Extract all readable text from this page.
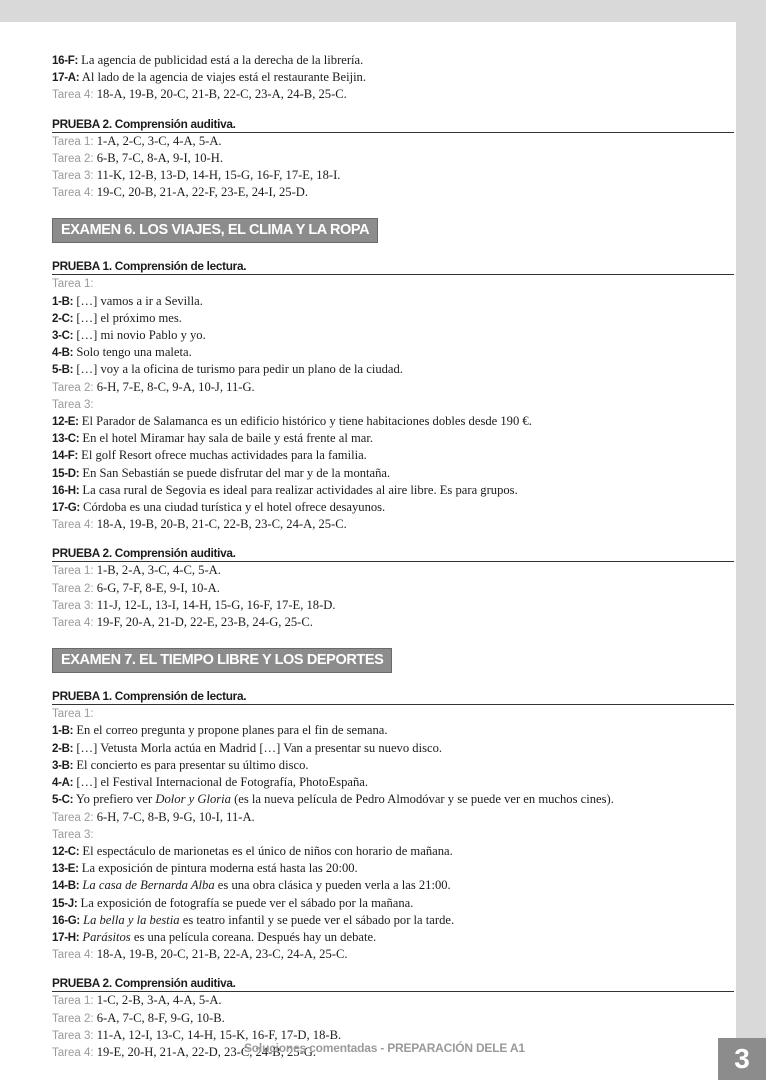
16-F: La agencia de publicidad está a la derecha de la librería.
17-A: Al lado de la agencia de viajes está el restaurante Beijin.
Tarea 4: 18-A, 19-B, 20-C, 21-B, 22-C, 23-A, 24-B, 25-C.
PRUEBA 2. Comprensión auditiva.
Tarea 1: 1-A, 2-C, 3-C, 4-A, 5-A.
Tarea 2: 6-B, 7-C, 8-A, 9-I, 10-H.
Tarea 3: 11-K, 12-B, 13-D, 14-H, 15-G, 16-F, 17-E, 18-I.
Tarea 4: 19-C, 20-B, 21-A, 22-F, 23-E, 24-I, 25-D.
EXAMEN 6. LOS VIAJES, EL CLIMA Y LA ROPA
PRUEBA 1. Comprensión de lectura.
Tarea 1:
1-B: […] vamos a ir a Sevilla.
2-C: […] el próximo mes.
3-C: […] mi novio Pablo y yo.
4-B: Solo tengo una maleta.
5-B: […] voy a la oficina de turismo para pedir un plano de la ciudad.
Tarea 2: 6-H, 7-E, 8-C, 9-A, 10-J, 11-G.
Tarea 3:
12-E: El Parador de Salamanca es un edificio histórico y tiene habitaciones dobles desde 190 €.
13-C: En el hotel Miramar hay sala de baile y está frente al mar.
14-F: El golf Resort ofrece muchas actividades para la familia.
15-D: En San Sebastián se puede disfrutar del mar y de la montaña.
16-H: La casa rural de Segovia es ideal para realizar actividades al aire libre. Es para grupos.
17-G: Córdoba es una ciudad turística y el hotel ofrece desayunos.
Tarea 4: 18-A, 19-B, 20-B, 21-C, 22-B, 23-C, 24-A, 25-C.
PRUEBA 2. Comprensión auditiva.
Tarea 1: 1-B, 2-A, 3-C, 4-C, 5-A.
Tarea 2: 6-G, 7-F, 8-E, 9-I, 10-A.
Tarea 3: 11-J, 12-L, 13-I, 14-H, 15-G, 16-F, 17-E, 18-D.
Tarea 4: 19-F, 20-A, 21-D, 22-E, 23-B, 24-G, 25-C.
EXAMEN 7. EL TIEMPO LIBRE Y LOS DEPORTES
PRUEBA 1. Comprensión de lectura.
Tarea 1:
1-B: En el correo pregunta y propone planes para el fin de semana.
2-B: […] Vetusta Morla actúa en Madrid […] Van a presentar su nuevo disco.
3-B: El concierto es para presentar su último disco.
4-A: […] el Festival Internacional de Fotografía, PhotoEspaña.
5-C: Yo prefiero ver Dolor y Gloria (es la nueva película de Pedro Almodóvar y se puede ver en muchos cines).
Tarea 2: 6-H, 7-C, 8-B, 9-G, 10-I, 11-A.
Tarea 3:
12-C: El espectáculo de marionetas es el único de niños con horario de mañana.
13-E: La exposición de pintura moderna está hasta las 20:00.
14-B: La casa de Bernarda Alba es una obra clásica y pueden verla a las 21:00.
15-J: La exposición de fotografía se puede ver el sábado por la mañana.
16-G: La bella y la bestia es teatro infantil y se puede ver el sábado por la tarde.
17-H: Parásitos es una película coreana. Después hay un debate.
Tarea 4: 18-A, 19-B, 20-C, 21-B, 22-A, 23-C, 24-A, 25-C.
PRUEBA 2. Comprensión auditiva.
Tarea 1: 1-C, 2-B, 3-A, 4-A, 5-A.
Tarea 2: 6-A, 7-C, 8-F, 9-G, 10-B.
Tarea 3: 11-A, 12-I, 13-C, 14-H, 15-K, 16-F, 17-D, 18-B.
Tarea 4: 19-E, 20-H, 21-A, 22-D, 23-C, 24-B, 25-G.
Soluciones comentadas - PREPARACIÓN DELE A1	3
